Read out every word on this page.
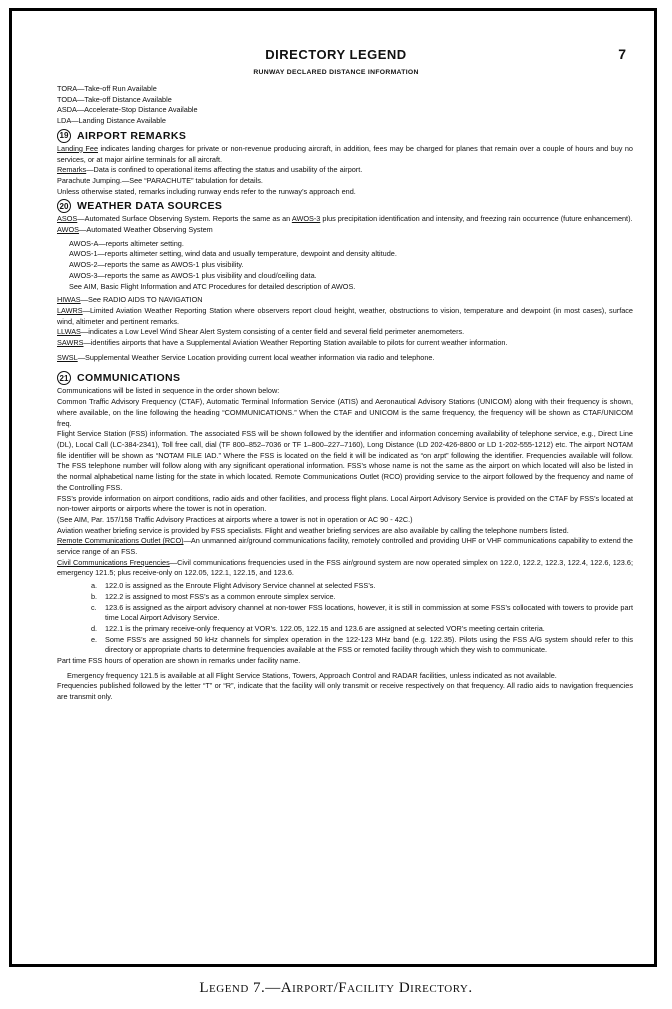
DIRECTORY LEGEND	7
RUNWAY DECLARED DISTANCE INFORMATION

TORA—Take-off Run Available

TODA—Take-off Distance Available

ASDA—Accelerate-Stop Distance Available

LDA—Landing Distance Available

19 AIRPORT REMARKS

Landing Fee indicates landing charges for private or non-revenue producing aircraft, in addition, fees may be charged for planes that remain over a couple of hours and buy no services, or at major airline terminals for all aircraft.

Remarks—Data is confined to operational items affecting the status and usability of the airport.

Parachute Jumping.—See “PARACHUTE” tabulation for details.

Unless otherwise stated, remarks including runway ends refer to the runway’s approach end.

20 WEATHER DATA SOURCES

ASOS—Automated Surface Observing System. Reports the same as an AWOS-3 plus precipitation identification and intensity, and freezing rain occurrence (future enhancement).

AWOS—Automated Weather Observing System

AWOS-A—reports altimeter setting.

AWOS-1—reports altimeter setting, wind data and usually temperature, dewpoint and density altitude.

AWOS-2—reports the same as AWOS-1 plus visibility.

AWOS-3—reports the same as AWOS-1 plus visibility and cloud/ceiling data.

See AIM, Basic Flight Information and ATC Procedures for detailed description of AWOS.

HIWAS—See RADIO AIDS TO NAVIGATION

LAWRS—Limited Aviation Weather Reporting Station where observers report cloud height, weather, obstructions to vision, temperature and dewpoint (in most cases), surface wind, altimeter and pertinent remarks.

LLWAS—indicates a Low Level Wind Shear Alert System consisting of a center field and several field perimeter anemometers.

SAWRS—identifies airports that have a Supplemental Aviation Weather Reporting Station available to pilots for current weather information.

SWSL—Supplemental Weather Service Location providing current local weather information via radio and telephone.

21 COMMUNICATIONS

Communications will be listed in sequence in the order shown below:

Common Traffic Advisory Frequency (CTAF), Automatic Terminal Information Service (ATIS) and Aeronautical Advisory Stations (UNICOM) along with their frequency is shown, where available, on the line following the heading “COMMUNICATIONS.” When the CTAF and UNICOM is the same frequency, the frequency will be shown as CTAF/UNICOM freq.

Flight Service Station (FSS) information. The associated FSS will be shown followed by the identifier and information concerning availability of telephone service, e.g., Direct Line (DL), Local Call (LC-384-2341), Toll free call, dial (TF 800–852–7036 or TF 1–800–227–7160), Long Distance (LD 202-426-8800 or LD 1-202-555-1212) etc. The airport NOTAM file identifier will be shown as “NOTAM FILE IAD.” Where the FSS is located on the field it will be indicated as “on arpt” following the identifier. Frequencies available will follow. The FSS telephone number will follow along with any significant operational information. FSS’s whose name is not the same as the airport on which located will also be listed in the normal alphabetical name listing for the state in which located. Remote Communications Outlet (RCO) providing service to the airport followed by the frequency and name of the Controlling FSS.

FSS’s provide information on airport conditions, radio aids and other facilities, and process flight plans. Local Airport Advisory Service is provided on the CTAF by FSS’s located at non-tower airports or airports where the tower is not in operation.

(See AIM, Par. 157/158 Traffic Advisory Practices at airports where a tower is not in operation or AC 90 - 42C.)

Aviation weather briefing service is provided by FSS specialists. Flight and weather briefing services are also available by calling the telephone numbers listed.

Remote Communications Outlet (RCO)—An unmanned air/ground communications facility, remotely controlled and providing UHF or VHF communications capability to extend the service range of an FSS.

Civil Communications Frequencies—Civil communications frequencies used in the FSS air/ground system are now operated simplex on 122.0, 122.2, 122.3, 122.4, 122.6, 123.6; emergency 121.5; plus receive-only on 122.05, 122.1, 122.15, and 123.6.

a. 122.0 is assigned as the Enroute Flight Advisory Service channel at selected FSS’s.

b. 122.2 is assigned to most FSS’s as a common enroute simplex service.

c. 123.6 is assigned as the airport advisory channel at non-tower FSS locations, however, it is still in commission at some FSS’s collocated with towers to provide part time Local Airport Advisory Service.

d. 122.1 is the primary receive-only frequency at VOR’s. 122.05, 122.15 and 123.6 are assigned at selected VOR’s meeting certain criteria.

e. Some FSS’s are assigned 50 kHz channels for simplex operation in the 122-123 MHz band (e.g. 122.35). Pilots using the FSS A/G system should refer to this directory or appropriate charts to determine frequencies available at the FSS or remoted facility through which they wish to communicate.

Part time FSS hours of operation are shown in remarks under facility name.

Emergency frequency 121.5 is available at all Flight Service Stations, Towers, Approach Control and RADAR facilities, unless indicated as not available.

Frequencies published followed by the letter “T” or “R”, indicate that the facility will only transmit or receive respectively on that frequency. All radio aids to navigation frequencies are transmit only.

Legend 7.—Airport/Facility Directory.
